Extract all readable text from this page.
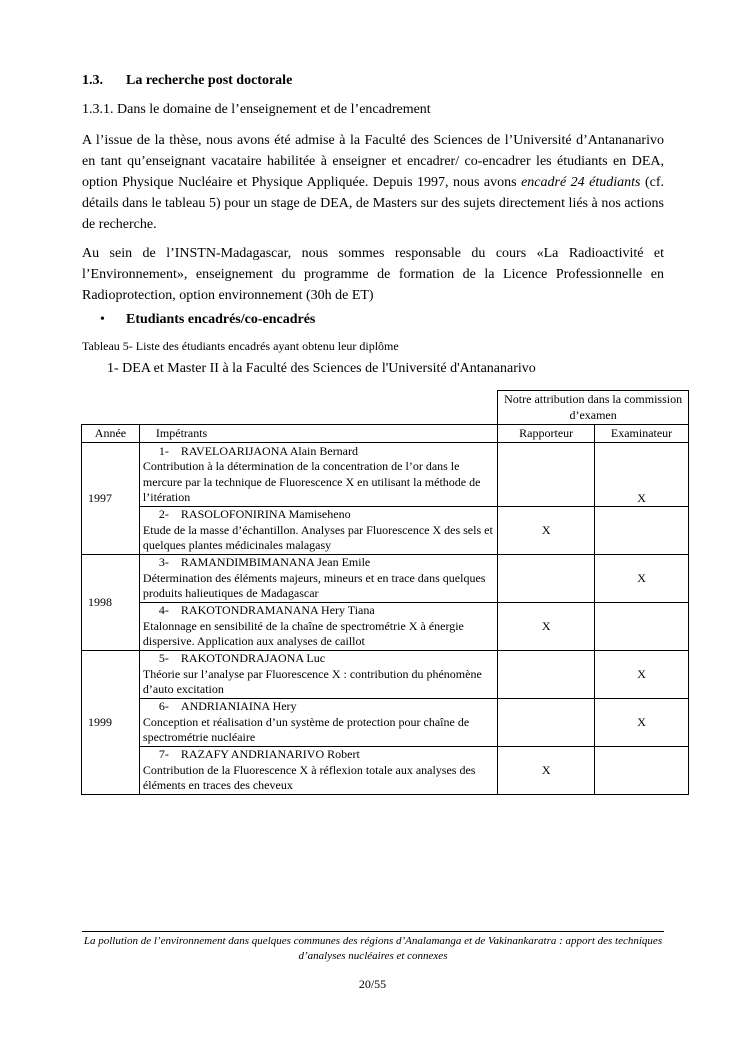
1.3. La recherche post doctorale
1.3.1. Dans le domaine de l’enseignement et de l’encadrement
A l’issue de la thèse, nous avons été admise à la Faculté des Sciences de l’Université d’Antananarivo en tant qu’enseignant vacataire habilitée à enseigner et encadrer/ co-encadrer les étudiants en DEA, option Physique Nucléaire et Physique Appliquée. Depuis 1997, nous avons encadré 24 étudiants (cf. détails dans le tableau 5) pour un stage de DEA, de Masters sur des sujets directement liés à nos actions de recherche.
Au sein de l’INSTN-Madagascar, nous sommes responsable du cours «La Radioactivité et l’Environnement», enseignement du programme de formation de la Licence Professionnelle en Radioprotection, option environnement (30h de ET)
• Etudiants encadrés/co-encadrés
Tableau 5- Liste des étudiants encadrés ayant obtenu leur diplôme
1- DEA et Master II à la Faculté des Sciences de l'Université d'Antananarivo
		Notre attribution dans la commission d’examen	
Année	Impétrants	Rapporteur	Examinateur
1997	1- RAVELOARIJAONA Alain Bernard
Contribution à la détermination de la concentration de l’or dans le mercure par la technique de Fluorescence X en utilisant la méthode de l’itération		X

	2- RASOLOFONIRINA Mamiseheno
Etude de la masse d’échantillon. Analyses par Fluorescence X des sels et quelques plantes médicinales malagasy	X	
1998	3- RAMANDIMBIMANANA Jean Emile
Détermination des éléments majeurs, mineurs et en trace dans quelques produits halieutiques de Madagascar		X

	4- RAKOTONDRAMANANA Hery Tiana
Etalonnage en sensibilité de la chaîne de spectrométrie X à énergie dispersive. Application aux analyses de caillot	X	
1999	5- RAKOTONDRAJAONA Luc
Théorie sur l’analyse par Fluorescence X : contribution du phénomène d’auto excitation		X

	6- ANDRIANIAINA Hery
Conception et réalisation d’un système de protection pour chaîne de spectrométrie nucléaire		X

	7- RAZAFY ANDRIANARIVO Robert
Contribution de la Fluorescence X à réflexion totale aux analyses des éléments en traces des cheveux	X	
La pollution de l’environnement dans quelques communes des régions d’Analamanga et de Vakinankaratra : apport des techniques d’analyses nucléaires et connexes
20/55
